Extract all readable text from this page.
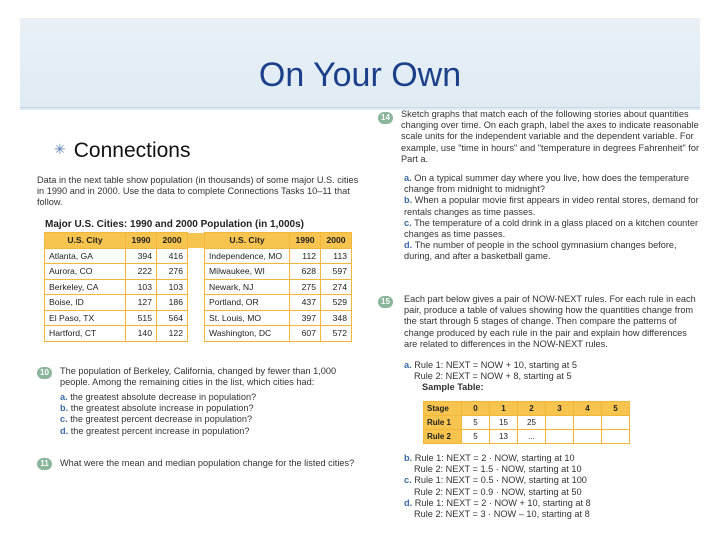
On Your Own
✳ Connections
Data in the next table show population (in thousands) of some major U.S. cities in 1990 and in 2000. Use the data to complete Connections Tasks 10–11 that follow.
Major U.S. Cities: 1990 and 2000 Population (in 1,000s)
U.S. City	1990	2000		U.S. City	1990	2000
Atlanta, GA	394	416		Independence, MO	112	113
Aurora, CO	222	276		Milwaukee, WI	628	597
Berkeley, CA	103	103		Newark, NJ	275	274
Boise, ID	127	186		Portland, OR	437	529
El Paso, TX	515	564		St. Louis, MO	397	348
Hartford, CT	140	122		Washington, DC	607	572
10	The population of Berkeley, California, changed by fewer than 1,000 people. Among the remaining cities in the list, which cities had:
a. the greatest absolute decrease in population?
b. the greatest absolute increase in population?
c. the greatest percent decrease in population?
d. the greatest percent increase in population?
11	What were the mean and median population change for the listed cities?
14	Sketch graphs that match each of the following stories about quantities changing over time. On each graph, label the axes to indicate reasonable scale units for the independent variable and the dependent variable. For example, use "time in hours" and "temperature in degrees Fahrenheit" for Part a.
a. On a typical summer day where you live, how does the temperature change from midnight to midnight?
b. When a popular movie first appears in video rental stores, demand for rentals changes as time passes.
c. The temperature of a cold drink in a glass placed on a kitchen counter changes as time passes.
d. The number of people in the school gymnasium changes before, during, and after a basketball game.
15	Each part below gives a pair of NOW-NEXT rules. For each rule in each pair, produce a table of values showing how the quantities change from the start through 5 stages of change. Then compare the patterns of change produced by each rule in the pair and explain how differences are related to differences in the NOW-NEXT rules.
a. Rule 1: NEXT = NOW + 10, starting at 5
Rule 2: NEXT = NOW + 8, starting at 5
Sample Table:
Stage	0	1	2	3	4	5
Rule 1	5	15	25			
Rule 2	5	13	...			
b. Rule 1: NEXT = 2 · NOW, starting at 10
Rule 2: NEXT = 1.5 · NOW, starting at 10
c. Rule 1: NEXT = 0.5 · NOW, starting at 100
Rule 2: NEXT = 0.9 · NOW, starting at 50
d. Rule 1: NEXT = 2 · NOW + 10, starting at 8
Rule 2: NEXT = 3 · NOW – 10, starting at 8
